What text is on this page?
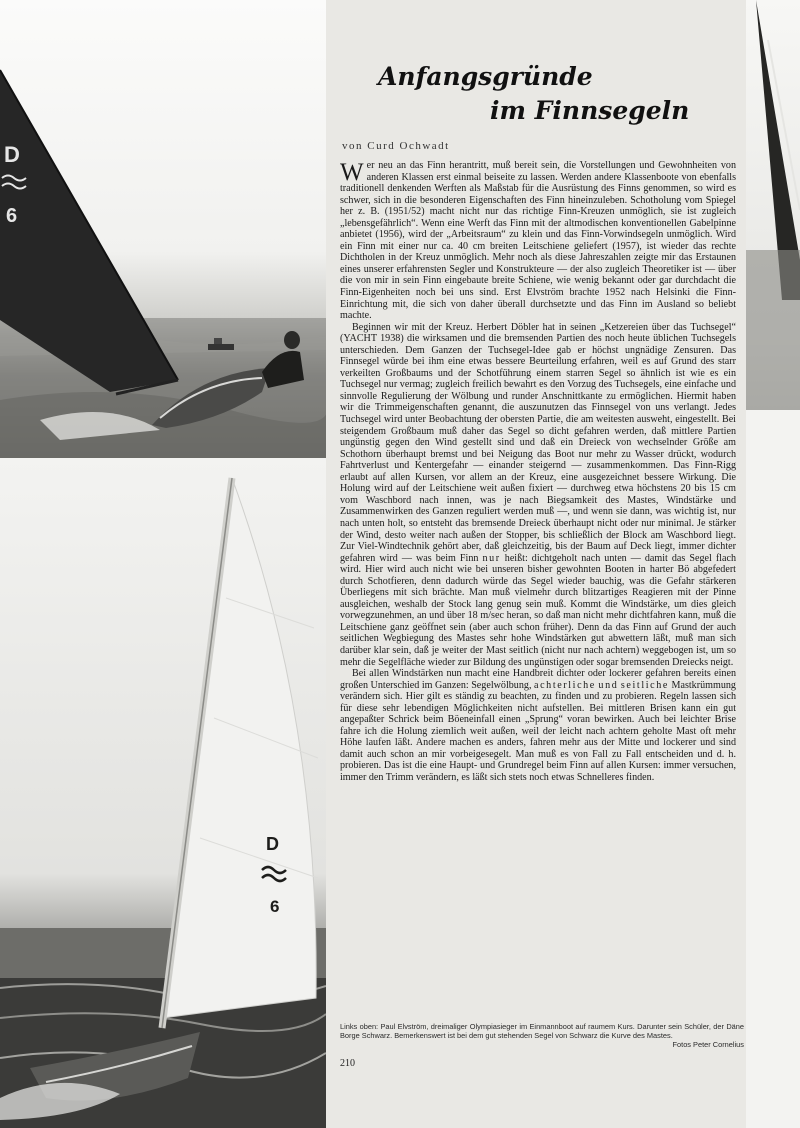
D
6
D
6
Anfangsgründe
im Finnsegeln
von Curd Ochwadt

Wer neu an das Finn herantritt, muß bereit sein, die Vorstellungen und Gewohnheiten von anderen Klassen erst einmal beiseite zu lassen. Werden andere Klassenboote von ebenfalls traditionell denkenden Werften als Maßstab für die Ausrüstung des Finns genommen, so wird es schwer, sich in die besonderen Eigenschaften des Finn hineinzuleben. Schotholung vom Spiegel her z. B. (1951/52) macht nicht nur das richtige Finn-Kreuzen unmöglich, sie ist zugleich „lebensgefährlich“. Wenn eine Werft das Finn mit der altmodischen konventionellen Gabelpinne anbietet (1956), wird der „Arbeitsraum“ zu klein und das Finn-Vorwindsegeln unmöglich. Wird ein Finn mit einer nur ca. 40 cm breiten Leitschiene geliefert (1957), ist wieder das rechte Dichtholen in der Kreuz unmöglich. Mehr noch als diese Jahreszahlen zeigte mir das Erstaunen eines unserer erfahrensten Segler und Konstrukteure — der also zugleich Theoretiker ist — über die von mir in sein Finn eingebaute breite Schiene, wie wenig bekannt oder gar durchdacht die Finn-Eigenheiten noch bei uns sind. Erst Elvström brachte 1952 nach Helsinki die Finn-Einrichtung mit, die sich von daher überall durchsetzte und das Finn im Ausland so beliebt machte.

Beginnen wir mit der Kreuz. Herbert Döbler hat in seinen „Ketzereien über das Tuchsegel“ (YACHT 1938) die wirksamen und die bremsenden Partien des noch heute üblichen Tuchsegels unterschieden. Dem Ganzen der Tuchsegel-Idee gab er höchst ungnädige Zensuren. Das Finnsegel würde bei ihm eine etwas bessere Beurteilung erfahren, weil es auf Grund des starr verkeilten Großbaums und der Schotführung einem starren Segel so ähnlich ist wie es ein Tuchsegel nur vermag; zugleich freilich bewahrt es den Vorzug des Tuchsegels, eine einfache und sinnvolle Regulierung der Wölbung und runder Anschnittkante zu ermöglichen. Hiermit haben wir die Trimmeigenschaften genannt, die auszunutzen das Finnsegel von uns verlangt. Jedes Tuchsegel wird unter Beobachtung der obersten Partie, die am weitesten ausweht, eingestellt. Bei steigendem Großbaum muß daher das Segel so dicht gefahren werden, daß mittlere Partien ungünstig gegen den Wind gestellt sind und daß ein Dreieck von wechselnder Größe am Schothorn überhaupt bremst und bei Neigung das Boot nur mehr zu Wasser drückt, wodurch Fahrtverlust und Kentergefahr — einander steigernd — zusammenkommen. Das Finn-Rigg erlaubt auf allen Kursen, vor allem an der Kreuz, eine ausgezeichnet bessere Wirkung. Die Holung wird auf der Leitschiene weit außen fixiert — durchweg etwa höchstens 20 bis 15 cm vom Waschbord nach innen, was je nach Biegsamkeit des Mastes, Windstärke und Zusammenwirken des Ganzen reguliert werden muß —, und wenn sie dann, was wichtig ist, nur nach unten holt, so entsteht das bremsende Dreieck überhaupt nicht oder nur minimal. Je stärker der Wind, desto weiter nach außen der Stopper, bis schließlich der Block am Waschbord liegt. Zur Viel-Windtechnik gehört aber, daß gleichzeitig, bis der Baum auf Deck liegt, immer dichter gefahren wird — was beim Finn nur heißt: dichtgeholt nach unten — damit das Segel flach wird. Hier wird auch nicht wie bei unseren bisher gewohnten Booten in harter Bö abgefedert durch Schotfieren, denn dadurch würde das Segel wieder bauchig, was die Gefahr stärkeren Überliegens mit sich brächte. Man muß vielmehr durch blitzartiges Reagieren mit der Pinne ausgleichen, weshalb der Stock lang genug sein muß. Kommt die Windstärke, um dies gleich vorwegzunehmen, an und über 18 m/sec heran, so daß man nicht mehr dichtfahren kann, muß die Leitschiene ganz geöffnet sein (aber auch schon früher). Denn da das Finn auf Grund der auch seitlichen Wegbiegung des Mastes sehr hohe Windstärken gut abwettern läßt, muß man sich darüber klar sein, daß je weiter der Mast seitlich (nicht nur nach achtern) weggebogen ist, um so mehr die Segelfläche wieder zur Bildung des ungünstigen oder sogar bremsenden Dreiecks neigt.

Bei allen Windstärken nun macht eine Handbreit dichter oder lockerer gefahren bereits einen großen Unterschied im Ganzen: Segelwölbung, achterliche und seitliche Mastkrümmung verändern sich. Hier gilt es ständig zu beachten, zu finden und zu probieren. Regeln lassen sich für diese sehr lebendigen Möglichkeiten nicht aufstellen. Bei mittleren Brisen kann ein gut angepaßter Schrick beim Böeneinfall einen „Sprung“ voran bewirken. Auch bei leichter Brise fahre ich die Holung ziemlich weit außen, weil der leicht nach achtern geholte Mast oft mehr Höhe laufen läßt. Andere machen es anders, fahren mehr aus der Mitte und lockerer und sind damit auch schon an mir vorbeigesegelt. Man muß es von Fall zu Fall entscheiden und d. h. probieren. Das ist die eine Haupt- und Grundregel beim Finn auf allen Kursen: immer versuchen, immer den Trimm verändern, es läßt sich stets noch etwas Schnelleres finden.

Links oben: Paul Elvström, dreimaliger Olympiasieger im Einmannboot auf raumem Kurs. Darunter sein Schüler, der Däne Borge Schwarz. Bemerkenswert ist bei dem gut stehenden Segel von Schwarz die Kurve des Mastes.
Fotos Peter Cornelius
210
